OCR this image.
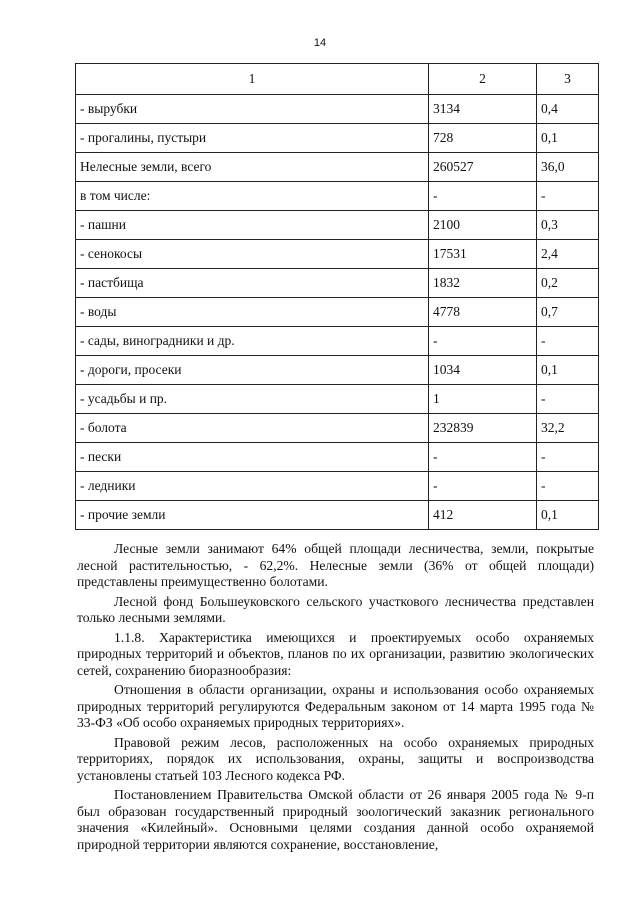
14
1	2	3
- вырубки	3134	0,4
- прогалины, пустыри	728	0,1
Нелесные земли, всего	260527	36,0
в том числе:	-	-
- пашни	2100	0,3
- сенокосы	17531	2,4
- пастбища	1832	0,2
- воды	4778	0,7
- сады, виноградники и др.	-	-
- дороги, просеки	1034	0,1
- усадьбы и пр.	1	-
- болота	232839	32,2
- пески	-	-
- ледники	-	-
- прочие земли	412	0,1

Лесные земли занимают 64% общей площади лесничества, земли, покрытые лесной растительностью, - 62,2%. Нелесные земли (36% от общей площади) представлены преимущественно болотами.

Лесной фонд Большеуковского сельского участкового лесничества представлен только лесными землями.

1.1.8. Характеристика имеющихся и проектируемых особо охраняемых природных территорий и объектов, планов по их организации, развитию экологических сетей, сохранению биоразнообразия:

Отношения в области организации, охраны и использования особо охраняемых природных территорий регулируются Федеральным законом от 14 марта 1995 года № 33-ФЗ «Об особо охраняемых природных территориях».

Правовой режим лесов, расположенных на особо охраняемых природных территориях, порядок их использования, охраны, защиты и воспроизводства установлены статьей 103 Лесного кодекса РФ.

Постановлением Правительства Омской области от 26 января 2005 года № 9-п был образован государственный природный зоологический заказник регионального значения «Килейный». Основными целями создания данной особо охраняемой природной территории являются сохранение, восстановление,
